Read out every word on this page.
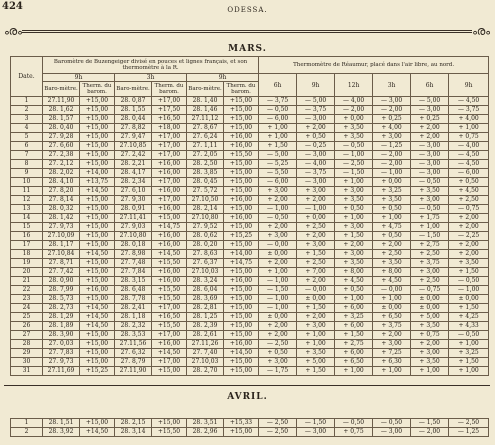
424	ODESSA.
ൟ	ൟ
MARS.
Date.	Baromètre de Buzengeiger divisé en pouces et lignes français, et son thermomètre à la R.						Thermomètre de Réaumur, placé dans l'air libre, au nord.					
	9h		3h		9h		6h	9h	12h	3h	6h	9h
	Baro-mètre.	Therm. du barom.	Baro-mètre.	Therm. du barom.	Baro-mètre.	Therm. du barom.						
1	27.11,90	+15,00	28. 0,87	+17,00	28. 1,40	+15,00	— 3,75	— 5,00	— 4,00	— 3,00	— 5,00	— 4,50
2	28. 1,62	+15,00	28. 1,55	+17,50	28. 1,46	+15,00	— 0,50	— 3,75	— 2,00	— 2,00	— 3,00	— 3,75
3	28. 1,57	+15,00	28. 0,44	+16,50	27.11,12	+15,00	— 6,00	— 3,00	+ 0,00	+ 0,25	+ 0,25	+ 4,00
4	28. 0,40	+15,00	27. 8,82	+18,00	27. 8,67	+15,00	+ 1,00	+ 2,00	+ 3,50	+ 4,00	+ 2,00	+ 1,00
5	27. 9,28	+15,00	27. 9,47	+17,00	27. 6,24	+16,00	+ 1,00	+ 0,50	+ 3,50	+ 3,00	+ 2,00	+ 0,75
6	27. 6,60	+15,00	27.10,85	+17,00	27. 1,11	+16,00	+ 1,50	— 0,25	— 0,50	— 1,25	— 3,00	— 4,00
7	27. 2,38	+15,00	27. 2,42	+17,00	27. 2,05	+15,50	— 5,00	— 3,00	— 1,00	— 2,00	— 3,00	— 4,50
8	27. 2,12	+15,00	28. 2,21	+16,00	28. 2,50	+15,00	— 5,25	— 4,00	— 2,50	— 2,00	— 3,00	— 4,50
9	28. 2,02	+14,00	28. 4,17	+16,00	28. 3,85	+15,00	— 5,50	— 3,75	— 1,50	— 1,00	— 3,00	— 6,00
10	28. 4,10	+13,75	28. 2,34	+17,00	28. 0,45	+15,00	— 6,00	— 3,00	+ 1,00	+ 0,00	— 0,50	+ 0,50
11	27. 8,20	+14,50	27. 6,10	+16,00	27. 5,72	+15,00	+ 3,00	+ 3,00	+ 3,00	+ 3,25	+ 3,50	+ 4,50
12	27. 8,14	+15,00	27. 9,30	+17,00	27.10,50	+16,00	+ 2,00	+ 2,00	+ 3,50	+ 3,50	+ 3,00	+ 2,50
13	28. 0,32	+15,00	28. 0,91	+16,00	28. 2,14	+15,00	— 1,00	— 1,00	+ 0,50	+ 0,50	— 0,50	— 0,75
14	28. 1,42	+15,00	27.11,41	+15,00	27.10,80	+16,00	— 0,50	+ 0,00	+ 1,00	+ 1,00	+ 1,75	+ 2,00
15	27. 9,73	+15,00	27. 9,03	+14,75	27. 9,52	+15,00	+ 2,00	+ 2,50	+ 3,00	+ 4,75	+ 1,00	+ 2,00
16	27.10,09	+15,00	27.10,80	+16,00	28. 0,62	+15,25	+ 3,00	+ 2,00	+ 1,50	+ 0,50	— 1,50	— 2,25
17	28. 1,17	+15,00	28. 0,18	+16,00	28. 0,20	+15,00	— 0,00	+ 3,00	+ 2,00	+ 2,00	+ 2,75	+ 2,00
18	27.10,84	+14,50	27. 8,98	+14,50	27. 8,63	+14,00	± 0,00	+ 1,50	+ 3,00	+ 2,50	+ 2,50	+ 2,00
19	27. 8,71	+15,00	27. 7,48	+15,50	27. 6,37	+14,75	+ 2,00	+ 2,50	+ 3,50	+ 3,50	+ 3,75	+ 3,50
20	27. 7,42	+15,00	27. 7,84	+16,00	27.10,03	+15,00	+ 1,00	+ 7,00	+ 8,00	+ 8,00	+ 3,00	+ 1,50
21	28. 0,90	+15,00	28. 3,15	+16,00	28. 3,24	+16,00	— 1,00	+ 2,00	+ 4,50	+ 4,50	+ 2,50	— 0,50
22	28. 7,99	+16,00	28. 6,48	+15,50	28. 6,04	+15,00	— 1,50	— 0,00	+ 0,50	— 0,00	— 0,75	— 1,00
23	28. 5,73	+15,00	28. 7,78	+15,50	28. 3,69	+15,00	— 1,00	± 0,00	+ 1,00	+ 1,00	± 0,00	± 0,00
24	28. 2,73	+14,50	28. 2,41	+17,00	28. 2,81	+15,00	— 1,00	+ 1,50	+ 6,00	± 0,00	± 0,00	+ 1,50
25	28. 1,29	+14,50	28. 1,18	+16,50	28. 1,25	+15,00	± 0,00	+ 2,00	+ 3,25	+ 6,50	+ 5,00	+ 4,25
26	28. 1,89	+14,50	28. 2,32	+15,50	28. 2,39	+15,00	+ 2,00	+ 3,00	+ 6,00	+ 3,75	+ 3,50	+ 4,33
27	28. 3,90	+15,00	28. 3,53	+17,00	28. 2,61	+15,00	+ 2,00	+ 1,00	+ 1,50	+ 2,00	+ 0,75	— 0,50
28	27. 0,03	+15,00	27.11,56	+16,00	27.11,26	+16,00	— 2,50	+ 1,00	+ 2,75	+ 3,00	+ 2,00	+ 1,00
29	27. 7,83	+15,00	27. 6,32	+14,50	27. 7,40	+14,50	+ 0,50	+ 3,50	+ 6,00	+ 7,25	+ 3,00	+ 3,25
30	27. 9,73	+15,00	27. 8,79	+17,00	27.10,03	+15,00	+ 3,00	+ 5,00	+ 6,50	+ 6,30	+ 3,50	+ 1,50
31	27.11,69	+15,25	27.11,90	+15,00	28. 2,70	+15,00	— 1,75	+ 1,50	+ 1,00	+ 1,00	+ 1,00	+ 1,00
AVRIL.
1	28. 1,51	+15,00	28. 2,15	+15,00	28. 3,51	+15,33	— 2,50	— 1,50	— 0,50	— 0,50	— 1,50	— 2,50
2	28. 3,92	+14,50	28. 3,14	+15,50	28. 2,96	+15,00	— 2,50	— 3,00	+ 0,75	— 3,00	— 2,00	— 1,25
